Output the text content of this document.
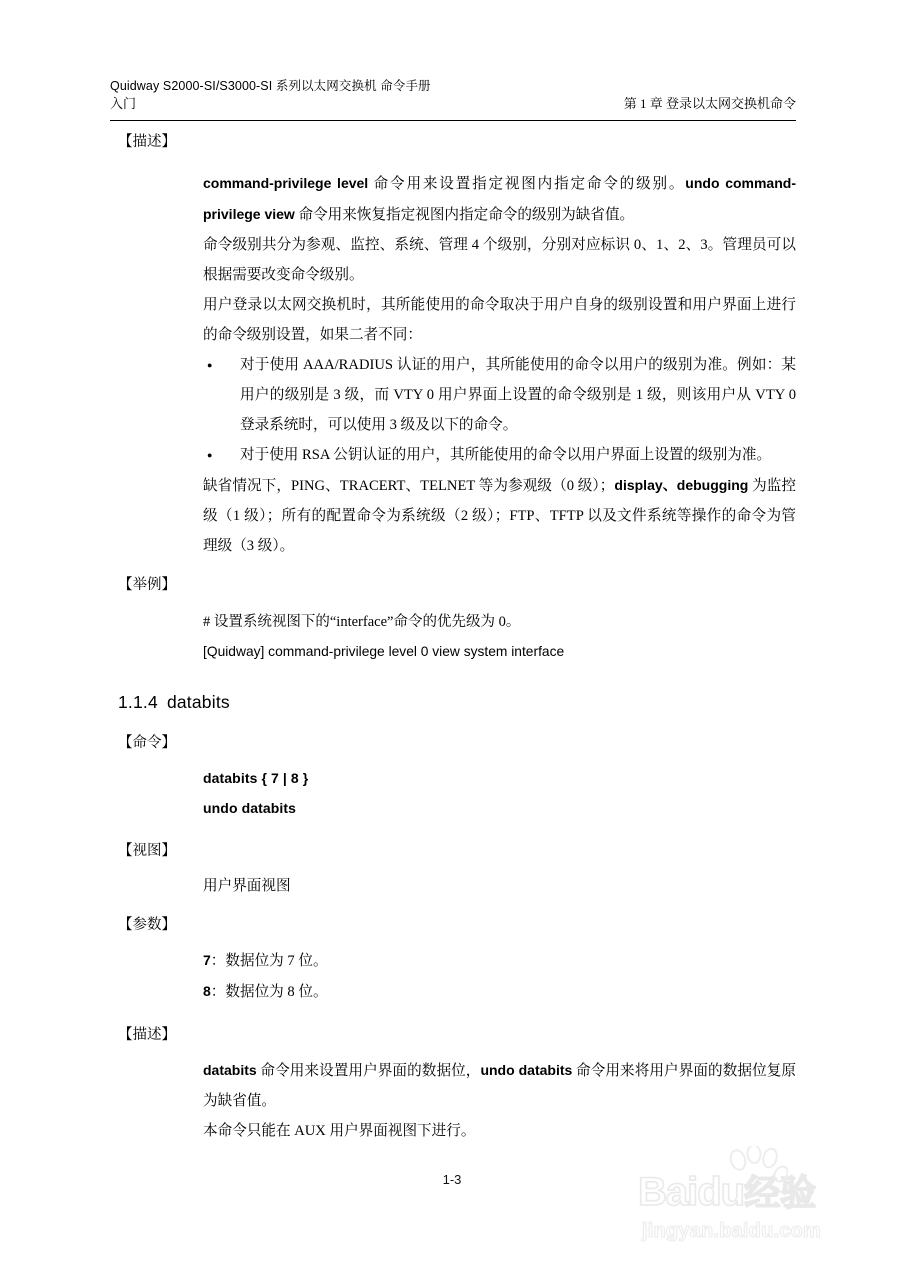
Quidway S2000-SI/S3000-SI 系列以太网交换机 命令手册
入门	第 1 章 登录以太网交换机命令
【描述】
command-privilege level 命令用来设置指定视图内指定命令的级别。undo command-privilege view 命令用来恢复指定视图内指定命令的级别为缺省值。
命令级别共分为参观、监控、系统、管理 4 个级别，分别对应标识 0、1、2、3。管理员可以根据需要改变命令级别。
用户登录以太网交换机时，其所能使用的命令取决于用户自身的级别设置和用户界面上进行的命令级别设置，如果二者不同：
● 对于使用 AAA/RADIUS 认证的用户，其所能使用的命令以用户的级别为准。例如：某用户的级别是 3 级，而 VTY 0 用户界面上设置的命令级别是 1 级，则该用户从 VTY 0 登录系统时，可以使用 3 级及以下的命令。
● 对于使用 RSA 公钥认证的用户，其所能使用的命令以用户界面上设置的级别为准。
缺省情况下，PING、TRACERT、TELNET 等为参观级（0 级）；display、debugging 为监控级（1 级）；所有的配置命令为系统级（2 级）；FTP、TFTP 以及文件系统等操作的命令为管理级（3 级）。
【举例】
# 设置系统视图下的“interface”命令的优先级为 0。
[Quidway] command-privilege level 0 view system interface
1.1.4 databits
【命令】
databits { 7 | 8 }
undo databits
【视图】
用户界面视图
【参数】
7：数据位为 7 位。
8：数据位为 8 位。
【描述】
databits 命令用来设置用户界面的数据位，undo databits 命令用来将用户界面的数据位复原为缺省值。
本命令只能在 AUX 用户界面视图下进行。
1-3	Baidu经验
jingyan.baidu.com
